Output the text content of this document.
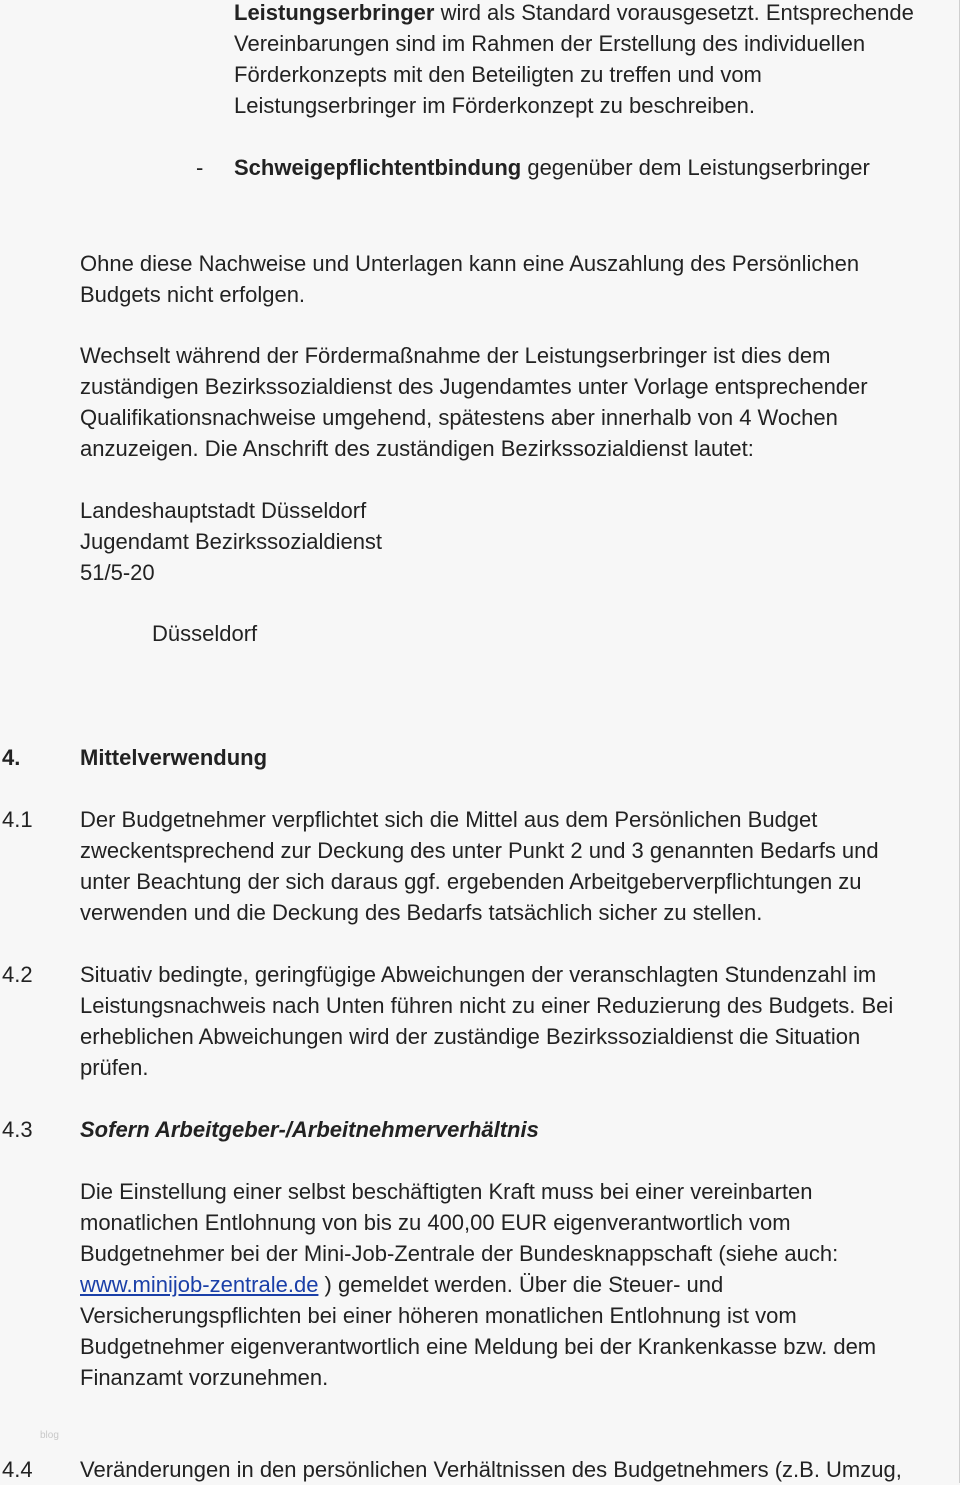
Leistungserbringer wird als Standard vorausgesetzt. Entsprechende
Vereinbarungen sind im Rahmen der Erstellung des individuellen
Förderkonzepts mit den Beteiligten zu treffen und vom
Leistungserbringer im Förderkonzept zu beschreiben.
- Schweigepflichtentbindung gegenüber dem Leistungserbringer
Ohne diese Nachweise und Unterlagen kann eine Auszahlung des Persönlichen
Budgets nicht erfolgen.
Wechselt während der Fördermaßnahme der Leistungserbringer ist dies dem
zuständigen Bezirkssozialdienst des Jugendamtes unter Vorlage entsprechender
Qualifikationsnachweise umgehend, spätestens aber innerhalb von 4 Wochen
anzuzeigen. Die Anschrift des zuständigen Bezirkssozialdienst lautet:
Landeshauptstadt Düsseldorf
Jugendamt Bezirkssozialdienst
51/5-20
Düsseldorf
4.	Mittelverwendung
4.1 Der Budgetnehmer verpflichtet sich die Mittel aus dem Persönlichen Budget
zweckentsprechend zur Deckung des unter Punkt 2 und 3 genannten Bedarfs und
unter Beachtung der sich daraus ggf. ergebenden Arbeitgeberverpflichtungen zu
verwenden und die Deckung des Bedarfs tatsächlich sicher zu stellen.
4.2 Situativ bedingte, geringfügige Abweichungen der veranschlagten Stundenzahl im
Leistungsnachweis nach Unten führen nicht zu einer Reduzierung des Budgets. Bei
erheblichen Abweichungen wird der zuständige Bezirkssozialdienst die Situation
prüfen.
4.3 Sofern Arbeitgeber-/Arbeitnehmerverhältnis
Die Einstellung einer selbst beschäftigten Kraft muss bei einer vereinbarten
monatlichen Entlohnung von bis zu 400,00 EUR eigenverantwortlich vom
Budgetnehmer bei der Mini-Job-Zentrale der Bundesknappschaft (siehe auch:
www.minijob-zentrale.de ) gemeldet werden. Über die Steuer- und
Versicherungspflichten bei einer höheren monatlichen Entlohnung ist vom
Budgetnehmer eigenverantwortlich eine Meldung bei der Krankenkasse bzw. dem
Finanzamt vorzunehmen.
blog
4.4 Veränderungen in den persönlichen Verhältnissen des Budgetnehmers (z.B. Umzug,
